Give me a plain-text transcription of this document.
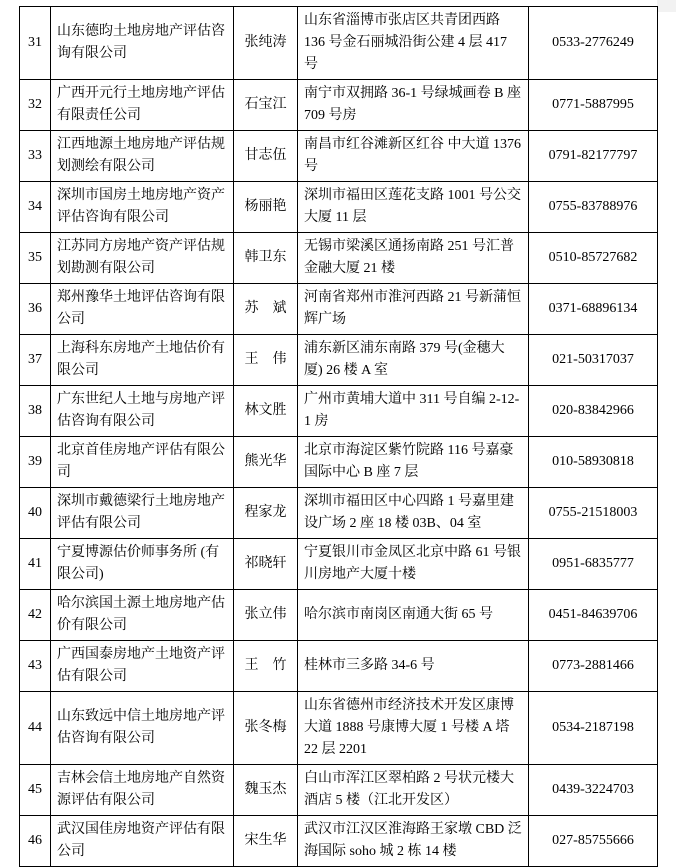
31	山东德昀土地房地产评估咨询有限公司	张纯涛	山东省淄博市张店区共青团西路 136 号金石丽城沿街公建 4 层 417 号	0533-2776249
32	广西开元行土地房地产评估有限责任公司	石宝江	南宁市双拥路 36-1 号绿城画卷 B 座 709 号房	0771-5887995
33	江西地源土地房地产评估规划测绘有限公司	甘志伍	南昌市红谷滩新区红谷 中大道 1376 号	0791-82177797
34	深圳市国房土地房地产资产评估咨询有限公司	杨丽艳	深圳市福田区莲花支路 1001 号公交大厦 11 层	0755-83788976
35	江苏同方房地产资产评估规划勘测有限公司	韩卫东	无锡市梁溪区通扬南路 251 号汇普金融大厦 21 楼	0510-85727682
36	郑州豫华土地评估咨询有限公司	苏　斌	河南省郑州市淮河西路 21 号新蒲恒辉广场	0371-68896134
37	上海科东房地产土地估价有限公司	王　伟	浦东新区浦东南路 379 号(金穗大厦) 26 楼 A 室	021-50317037
38	广东世纪人土地与房地产评估咨询有限公司	林文胜	广州市黄埔大道中 311 号自编 2-12-1 房	020-83842966
39	北京首佳房地产评估有限公司	熊光华	北京市海淀区紫竹院路 116 号嘉豪国际中心 B 座 7 层	010-58930818
40	深圳市戴德梁行土地房地产评估有限公司	程家龙	深圳市福田区中心四路 1 号嘉里建设广场 2 座 18 楼 03B、04 室	0755-21518003
41	宁夏博源估价师事务所 (有限公司)	祁晓轩	宁夏银川市金凤区北京中路 61 号银川房地产大厦十楼	0951-6835777
42	哈尔滨国土源土地房地产估价有限公司	张立伟	哈尔滨市南岗区南通大街 65 号	0451-84639706
43	广西国泰房地产土地资产评估有限公司	王　竹	桂林市三多路 34-6 号	0773-2881466
44	山东致远中信土地房地产评估咨询有限公司	张冬梅	山东省德州市经济技术开发区康博大道 1888 号康博大厦 1 号楼 A 塔 22 层 2201	0534-2187198
45	吉林会信土地房地产自然资源评估有限公司	魏玉杰	白山市浑江区翠柏路 2 号状元楼大酒店 5 楼（江北开发区）	0439-3224703
46	武汉国佳房地资产评估有限公司	宋生华	武汉市江汉区淮海路王家墩 CBD 泛海国际 soho 城 2 栋 14 楼	027-85755666
